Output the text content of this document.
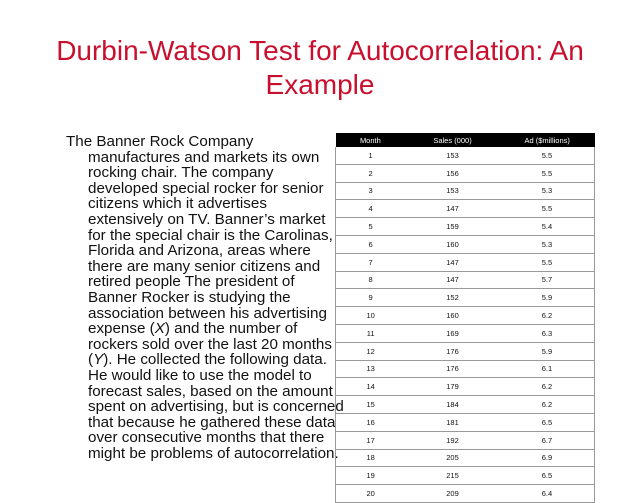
Durbin-Watson Test for Autocorrelation: An
Example

The Banner Rock Company manufactures and markets its own rocking chair. The company developed special rocker for senior citizens which it advertises extensively on TV. Banner’s market for the special chair is the Carolinas, Florida and Arizona, areas where there are many senior citizens and retired people The president of Banner Rocker is studying the association between his advertising expense (X) and the number of rockers sold over the last 20 months (Y). He collected the following data. He would like to use the model to forecast sales, based on the amount spent on advertising, but is concerned that because he gathered these data over consecutive months that there might be problems of autocorrelation.

Month	Sales (000)	Ad ($millions)
1	153	5.5
2	156	5.5
3	153	5.3
4	147	5.5
5	159	5.4
6	160	5.3
7	147	5.5
8	147	5.7
9	152	5.9
10	160	6.2
11	169	6.3
12	176	5.9
13	176	6.1
14	179	6.2
15	184	6.2
16	181	6.5
17	192	6.7
18	205	6.9
19	215	6.5
20	209	6.4
